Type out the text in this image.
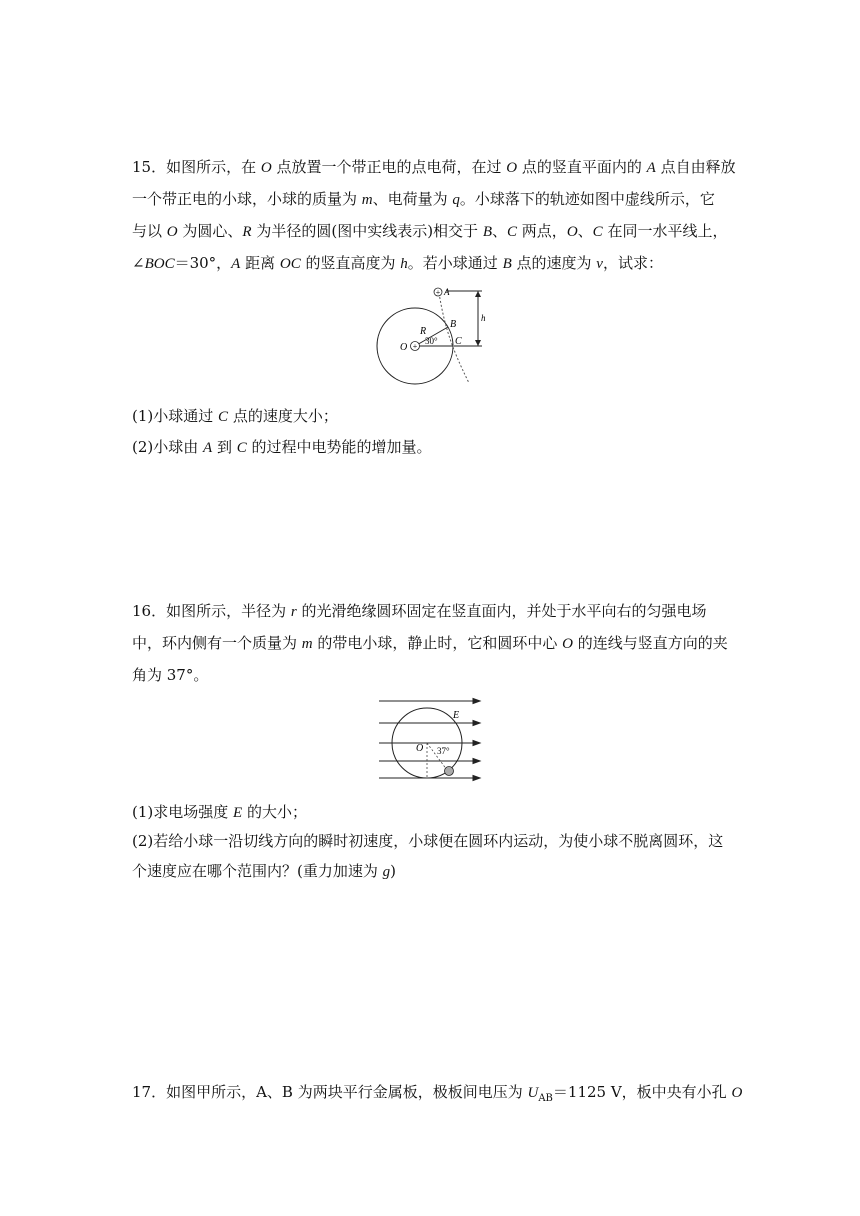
15．如图所示，在 O 点放置一个带正电的点电荷，在过 O 点的竖直平面内的 A 点自由释放
一个带正电的小球，小球的质量为 m、电荷量为 q。小球落下的轨迹如图中虚线所示，它
与以 O 为圆心、R 为半径的圆(图中实线表示)相交于 B、C 两点，O、C 在同一水平线上，
∠BOC＝30°，A 距离 OC 的竖直高度为 h。若小球通过 B 点的速度为 v，试求：
+
+
A
R
B
h
O
30° C
(1)小球通过 C 点的速度大小；
(2)小球由 A 到 C 的过程中电势能的增加量。
16．如图所示，半径为 r 的光滑绝缘圆环固定在竖直面内，并处于水平向右的匀强电场
中，环内侧有一个质量为 m 的带电小球，静止时，它和圆环中心 O 的连线与竖直方向的夹
角为 37°。
E
O 37°
(1)求电场强度 E 的大小；
(2)若给小球一沿切线方向的瞬时初速度，小球便在圆环内运动，为使小球不脱离圆环，这
个速度应在哪个范围内？(重力加速为 g)
17．如图甲所示，A、B 为两块平行金属板，极板间电压为 $U_{AB}=1125$ V，板中央有小孔 O
